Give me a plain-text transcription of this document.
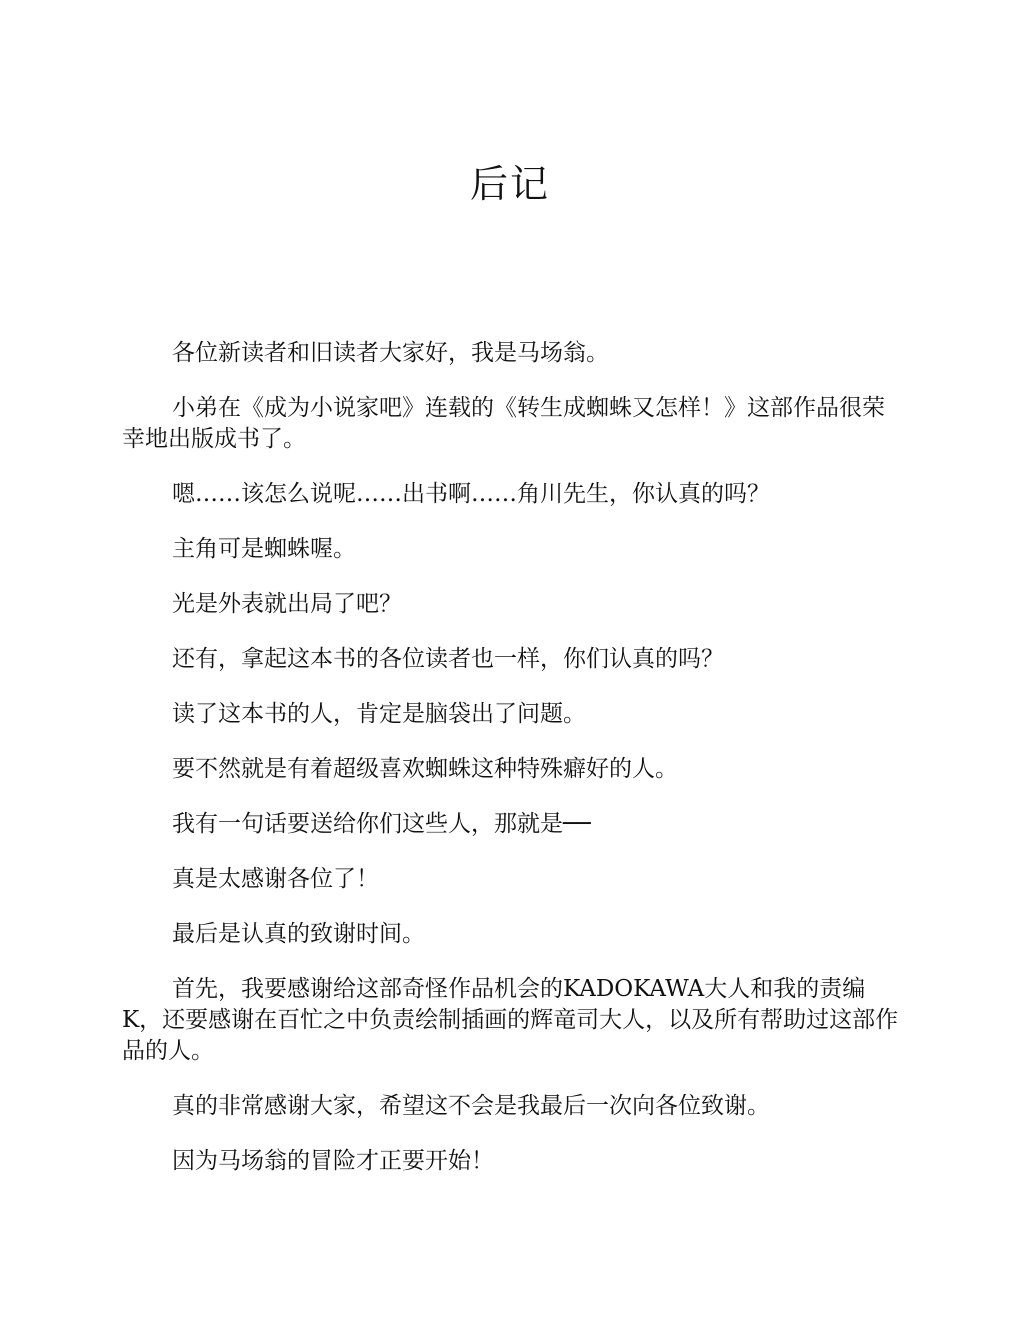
后记

各位新读者和旧读者大家好，我是马场翁。

小弟在《成为小说家吧》连载的《转生成蜘蛛又怎样！》这部作品很荣幸地出版成书了。

嗯……该怎么说呢……出书啊……角川先生，你认真的吗？

主角可是蜘蛛喔。

光是外表就出局了吧？

还有，拿起这本书的各位读者也一样，你们认真的吗？

读了这本书的人，肯定是脑袋出了问题。

要不然就是有着超级喜欢蜘蛛这种特殊癖好的人。

我有一句话要送给你们这些人，那就是──

真是太感谢各位了！

最后是认真的致谢时间。

首先，我要感谢给这部奇怪作品机会的KADOKAWA大人和我的责编K，还要感谢在百忙之中负责绘制插画的辉竜司大人，以及所有帮助过这部作品的人。

真的非常感谢大家，希望这不会是我最后一次向各位致谢。

因为马场翁的冒险才正要开始！
